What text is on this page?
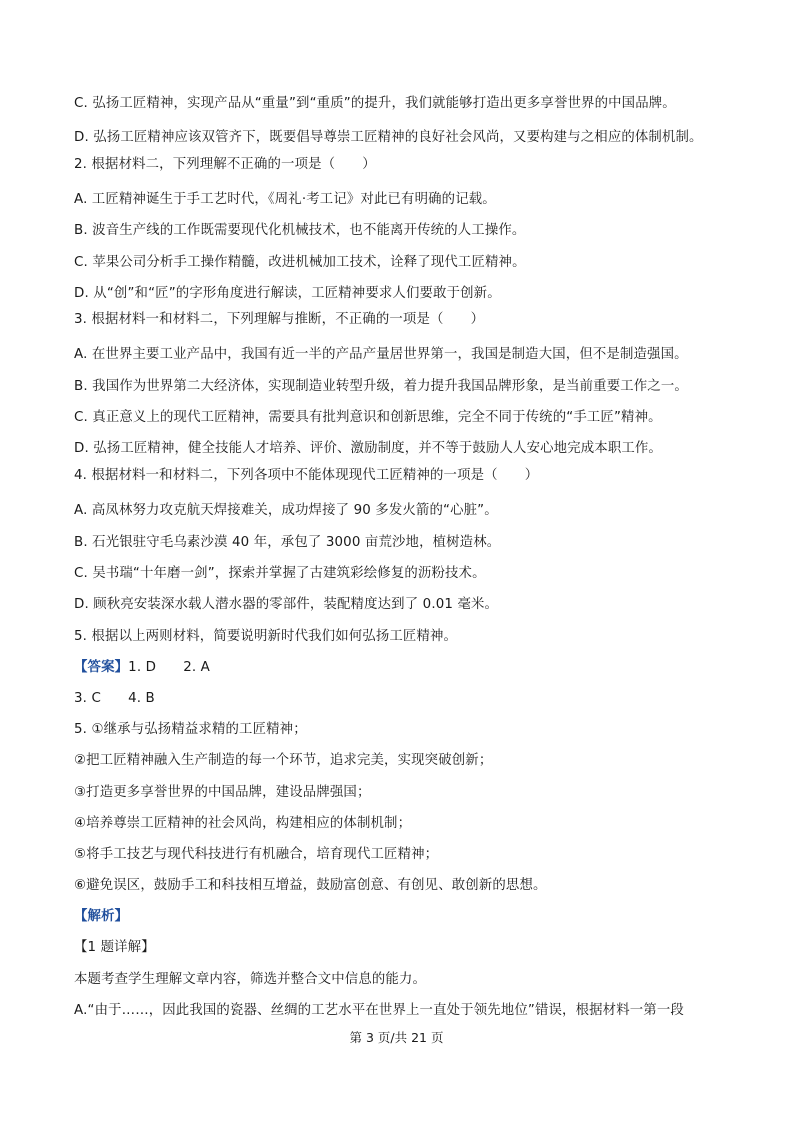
C. 弘扬工匠精神，实现产品从“重量”到“重质”的提升，我们就能够打造出更多享誉世界的中国品牌。
D. 弘扬工匠精神应该双管齐下，既要倡导尊崇工匠精神的良好社会风尚，又要构建与之相应的体制机制。
2. 根据材料二，下列理解不正确的一项是（　　）
A. 工匠精神诞生于手工艺时代，《周礼·考工记》对此已有明确的记载。
B. 波音生产线的工作既需要现代化机械技术，也不能离开传统的人工操作。
C. 苹果公司分析手工操作精髓，改进机械加工技术，诠释了现代工匠精神。
D. 从“创”和“匠”的字形角度进行解读，工匠精神要求人们要敢于创新。
3. 根据材料一和材料二，下列理解与推断，不正确的一项是（　　）
A. 在世界主要工业产品中，我国有近一半的产品产量居世界第一，我国是制造大国，但不是制造强国。
B. 我国作为世界第二大经济体，实现制造业转型升级，着力提升我国品牌形象，是当前重要工作之一。
C. 真正意义上的现代工匠精神，需要具有批判意识和创新思维，完全不同于传统的“手工匠”精神。
D. 弘扬工匠精神，健全技能人才培养、评价、激励制度，并不等于鼓励人人安心地完成本职工作。
4. 根据材料一和材料二，下列各项中不能体现现代工匠精神的一项是（　　）
A. 高凤林努力攻克航天焊接难关，成功焊接了 90 多发火箭的“心脏”。
B. 石光银驻守毛乌素沙漠 40 年，承包了 3000 亩荒沙地，植树造林。
C. 吴书瑞“十年磨一剑”，探索并掌握了古建筑彩绘修复的沥粉技术。
D. 顾秋亮安装深水载人潜水器的零部件，装配精度达到了 0.01 毫米。
5. 根据以上两则材料，简要说明新时代我们如何弘扬工匠精神。
【答案】1. D　　2. A
3. C　　4. B
5. ①继承与弘扬精益求精的工匠精神；
②把工匠精神融入生产制造的每一个环节，追求完美，实现突破创新；
③打造更多享誉世界的中国品牌，建设品牌强国；
④培养尊崇工匠精神的社会风尚，构建相应的体制机制；
⑤将手工技艺与现代科技进行有机融合，培育现代工匠精神；
⑥避免误区，鼓励手工和科技相互增益，鼓励富创意、有创见、敢创新的思想。
【解析】
【1 题详解】
本题考查学生理解文章内容，筛选并整合文中信息的能力。
A.“由于……，因此我国的瓷器、丝绸的工艺水平在世界上一直处于领先地位”错误，根据材料一第一段
第 3 页/共 21 页
